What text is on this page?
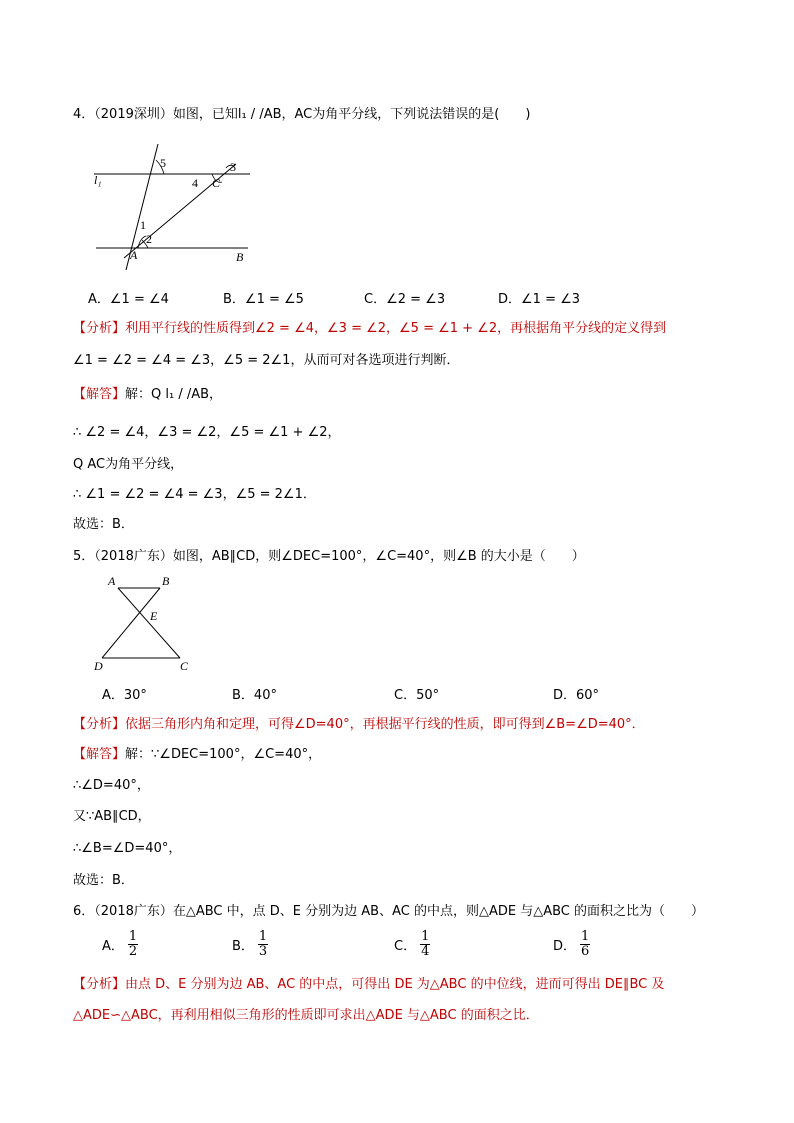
4．（2019深圳）如图，已知l₁ / /AB，AC为角平分线，下列说法错误的是(　　)
l₁
5
4
3
C
1
2
A	B
A．∠1 = ∠4	B．∠1 = ∠5	C．∠2 = ∠3	D．∠1 = ∠3
【分析】利用平行线的性质得到∠2 = ∠4，∠3 = ∠2，∠5 = ∠1 + ∠2，再根据角平分线的定义得到
∠1 = ∠2 = ∠4 = ∠3，∠5 = 2∠1，从而可对各选项进行判断．
【解答】解：Q l₁ / /AB，
∴ ∠2 = ∠4，∠3 = ∠2，∠5 = ∠1 + ∠2，
Q AC为角平分线，
∴ ∠1 = ∠2 = ∠4 = ∠3，∠5 = 2∠1．
故选：B．
5．（2018广东）如图，AB∥CD，则∠DEC=100°，∠C=40°，则∠B 的大小是（　　）
A	B
E
D	C
A．30°	B．40°	C．50°	D．60°
【分析】依据三角形内角和定理，可得∠D=40°，再根据平行线的性质，即可得到∠B=∠D=40°．
【解答】解：∵∠DEC=100°，∠C=40°，
∴∠D=40°，
又∵AB∥CD，
∴∠B=∠D=40°，
故选：B．
6．（2018广东）在△ABC 中，点 D、E 分别为边 AB、AC 的中点，则△ADE 与△ABC 的面积之比为（　　）
A． $\frac{1}{2}$	B． $\frac{1}{3}$	C． $\frac{1}{4}$	D． $\frac{1}{6}$
【分析】由点 D、E 分别为边 AB、AC 的中点，可得出 DE 为△ABC 的中位线，进而可得出 DE∥BC 及
△ADE∽△ABC，再利用相似三角形的性质即可求出△ADE 与△ABC 的面积之比．
